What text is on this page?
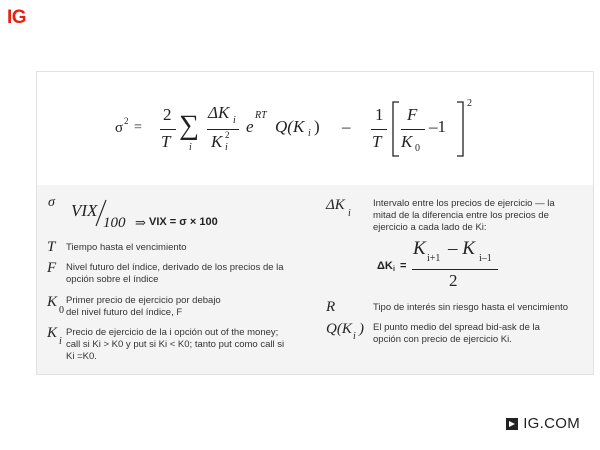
IG
σ 2 =
2
T
∑
i
ΔK i
K 2
i
e
RT
Q(K i ) –
1
T
2
F
K 0
–1
σ VIX
100 ⇒ VIX = σ × 100
T Tiempo hasta el vencimiento
F Nivel futuro del índice, derivado de los precios de la
opción sobre el índice
K
0
Primer precio de ejercicio por debajo
del nivel futuro del índice, F
K
i
Precio de ejercicio de la i opción out of the money;
call si Ki > K0 y put si Ki < K0; tanto put como call si
Ki =K0.
ΔK
i
Intervalo entre los precios de ejercicio — la
mitad de la diferencia entre los precios de
ejercicio a cada lado de Ki:
ΔK i =
K i+1 – K i–1
2
R	Tipo de interés sin riesgo hasta el vencimiento
Q(K i ) El punto medio del spread bid-ask de la
opción con precio de ejercicio Ki.
IG.COM
